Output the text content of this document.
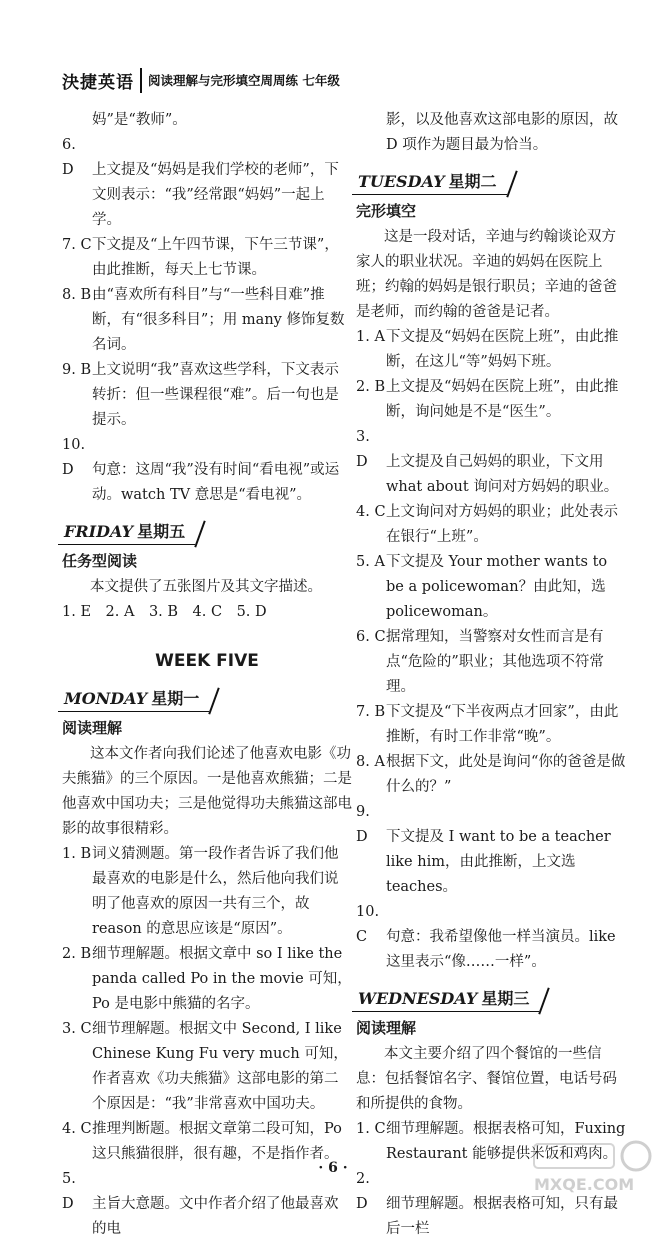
決捷英语	阅读理解与完形填空周周练 七年级

妈”是“教师”。

6. D 上文提及“妈妈是我们学校的老师”，下文则表示：“我”经常跟“妈妈”一起上学。

7. C下文提及“上午四节课，下午三节课”，由此推断，每天上七节课。

8. B由“喜欢所有科目”与“一些科目难”推断，有“很多科目”；用 many 修饰复数名词。

9. B上文说明“我”喜欢这些学科，下文表示转折：但一些课程很“难”。后一句也是提示。

10. D 句意：这周“我”没有时间“看电视”或运动。watch TV 意思是“看电视”。

FRIDAY 星期五
任务型阅读

本文提供了五张图片及其文字描述。

1. E　2. A　3. B　4. C　5. D

WEEK FIVE
MONDAY 星期一
阅读理解

这本文作者向我们论述了他喜欢电影《功夫熊猫》的三个原因。一是他喜欢熊猫；二是他喜欢中国功夫；三是他觉得功夫熊猫这部电影的故事很精彩。

1. B词义猜测题。第一段作者告诉了我们他最喜欢的电影是什么，然后他向我们说明了他喜欢的原因一共有三个，故 reason 的意思应该是“原因”。

2. B细节理解题。根据文章中 so I like the panda called Po in the movie 可知，Po 是电影中熊猫的名字。

3. C细节理解题。根据文中 Second, I like Chinese Kung Fu very much 可知，作者喜欢《功夫熊猫》这部电影的第二个原因是：“我”非常喜欢中国功夫。

4. C推理判断题。根据文章第二段可知，Po 这只熊猫很胖，很有趣，不是指作者。

5. D 主旨大意题。文中作者介绍了他最喜欢的电

影，以及他喜欢这部电影的原因，故 D 项作为题目最为恰当。

TUESDAY 星期二
完形填空

这是一段对话，辛迪与约翰谈论双方家人的职业状况。辛迪的妈妈在医院上班；约翰的妈妈是银行职员；辛迪的爸爸是老师，而约翰的爸爸是记者。

1. A下文提及“妈妈在医院上班”，由此推断，在这儿“等”妈妈下班。

2. B上文提及“妈妈在医院上班”，由此推断，询问她是不是“医生”。

3. D 上文提及自己妈妈的职业，下文用 what about 询问对方妈妈的职业。

4. C上文询问对方妈妈的职业；此处表示在银行“上班”。

5. A下文提及 Your mother wants to be a policewoman？由此知，选 policewoman。

6. C据常理知，当警察对女性而言是有点“危险的”职业；其他选项不符常理。

7. B下文提及“下半夜两点才回家”，由此推断，有时工作非常“晚”。

8. A根据下文，此处是询问“你的爸爸是做什么的？”

9. D 下文提及 I want to be a teacher like him，由此推断，上文选 teaches。

10. C 句意：我希望像他一样当演员。like 这里表示“像……一样”。

WEDNESDAY 星期三
阅读理解

本文主要介绍了四个餐馆的一些信息：包括餐馆名字、餐馆位置，电话号码和所提供的食物。

1. C细节理解题。根据表格可知，Fuxing Restaurant 能够提供米饭和鸡肉。

2. D 细节理解题。根据表格可知，只有最后一栏

· 6 ·
MXQE.COM
